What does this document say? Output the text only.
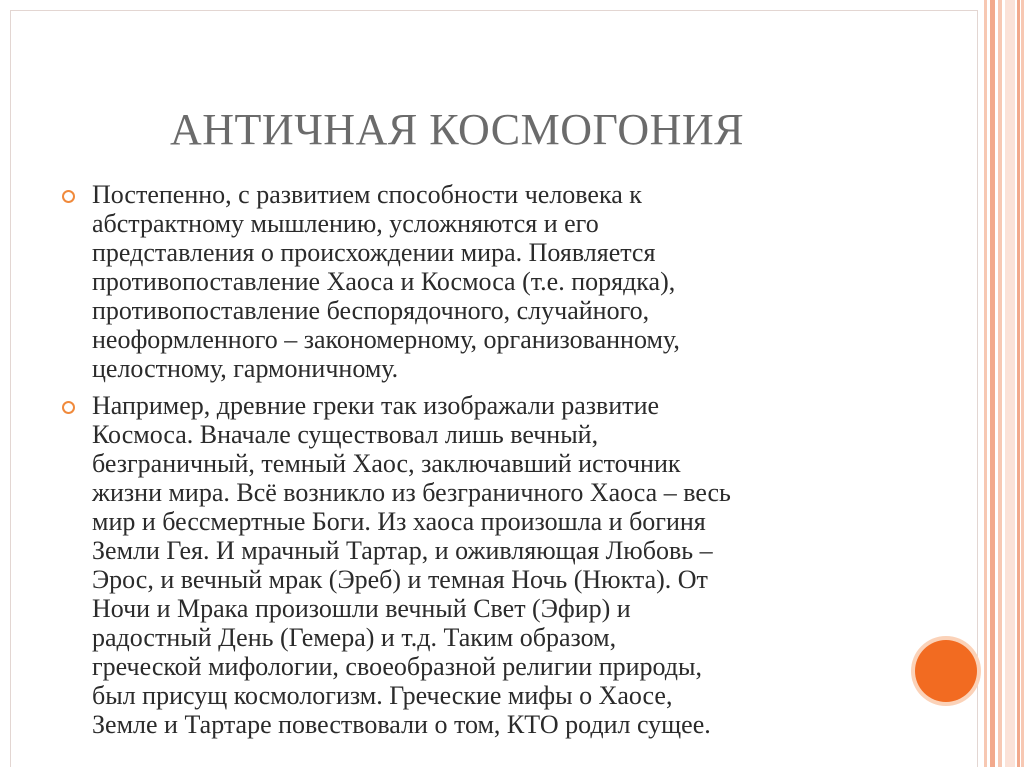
АНТИЧНАЯ КОСМОГОНИЯ
Постепенно, с развитием способности человека к
абстрактному мышлению, усложняются и его
представления о происхождении мира. Появляется
противопоставление Хаоса и Космоса (т.е. порядка),
противопоставление беспорядочного, случайного,
неоформленного – закономерному, организованному,
целостному, гармоничному.
Например, древние греки так изображали развитие
Космоса. Вначале существовал лишь вечный,
безграничный, темный Хаос, заключавший источник
жизни мира. Всё возникло из безграничного Хаоса – весь
мир и бессмертные Боги. Из хаоса произошла и богиня
Земли Гея. И мрачный Тартар, и оживляющая Любовь –
Эрос, и вечный мрак (Эреб) и темная Ночь (Нюкта). От
Ночи и Мрака произошли вечный Свет (Эфир) и
радостный День (Гемера) и т.д. Таким образом,
греческой мифологии, своеобразной религии природы,
был присущ космологизм. Греческие мифы о Хаосе,
Земле и Тартаре повествовали о том, КТО родил сущее.
